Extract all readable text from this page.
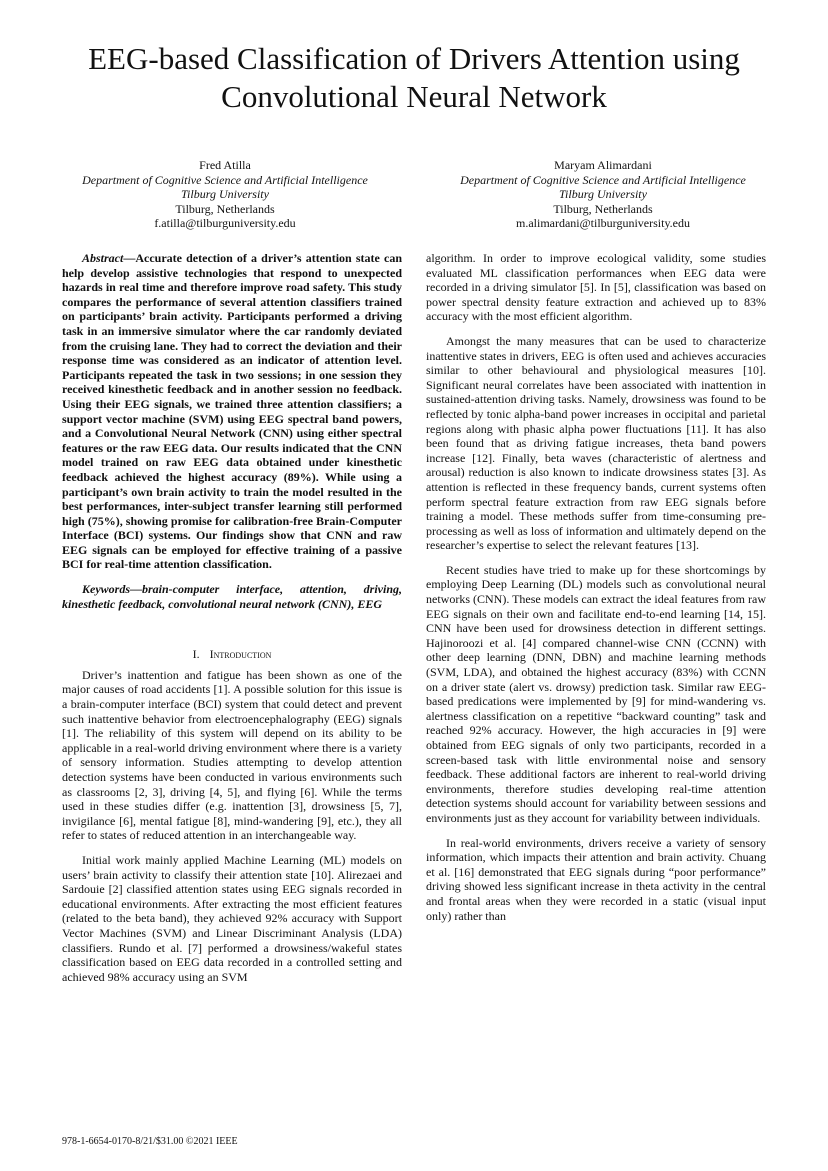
EEG-based Classification of Drivers Attention using Convolutional Neural Network
Fred Atilla
Department of Cognitive Science and Artificial Intelligence
Tilburg University
Tilburg, Netherlands
f.atilla@tilburguniversity.edu
Maryam Alimardani
Department of Cognitive Science and Artificial Intelligence
Tilburg University
Tilburg, Netherlands
m.alimardani@tilburguniversity.edu

Abstract—Accurate detection of a driver’s attention state can help develop assistive technologies that respond to unexpected hazards in real time and therefore improve road safety. This study compares the performance of several attention classifiers trained on participants’ brain activity. Participants performed a driving task in an immersive simulator where the car randomly deviated from the cruising lane. They had to correct the deviation and their response time was considered as an indicator of attention level. Participants repeated the task in two sessions; in one session they received kinesthetic feedback and in another session no feedback. Using their EEG signals, we trained three attention classifiers; a support vector machine (SVM) using EEG spectral band powers, and a Convolutional Neural Network (CNN) using either spectral features or the raw EEG data. Our results indicated that the CNN model trained on raw EEG data obtained under kinesthetic feedback achieved the highest accuracy (89%). While using a participant’s own brain activity to train the model resulted in the best performances, inter-subject transfer learning still performed high (75%), showing promise for calibration-free Brain-Computer Interface (BCI) systems. Our findings show that CNN and raw EEG signals can be employed for effective training of a passive BCI for real-time attention classification.

Keywords—brain-computer interface, attention, driving, kinesthetic feedback, convolutional neural network (CNN), EEG

I. Introduction

Driver’s inattention and fatigue has been shown as one of the major causes of road accidents [1]. A possible solution for this issue is a brain-computer interface (BCI) system that could detect and prevent such inattentive behavior from electroencephalography (EEG) signals [1]. The reliability of this system will depend on its ability to be applicable in a real-world driving environment where there is a variety of sensory information. Studies attempting to develop attention detection systems have been conducted in various environments such as classrooms [2, 3], driving [4, 5], and flying [6]. While the terms used in these studies differ (e.g. inattention [3], drowsiness [5, 7], invigilance [6], mental fatigue [8], mind-wandering [9], etc.), they all refer to states of reduced attention in an interchangeable way.

Initial work mainly applied Machine Learning (ML) models on users’ brain activity to classify their attention state [10]. Alirezaei and Sardouie [2] classified attention states using EEG signals recorded in educational environments. After extracting the most efficient features (related to the beta band), they achieved 92% accuracy with Support Vector Machines (SVM) and Linear Discriminant Analysis (LDA) classifiers. Rundo et al. [7] performed a drowsiness/wakeful states classification based on EEG data recorded in a controlled setting and achieved 98% accuracy using an SVM

algorithm. In order to improve ecological validity, some studies evaluated ML classification performances when EEG data were recorded in a driving simulator [5]. In [5], classification was based on power spectral density feature extraction and achieved up to 83% accuracy with the most efficient algorithm.

Amongst the many measures that can be used to characterize inattentive states in drivers, EEG is often used and achieves accuracies similar to other behavioural and physiological measures [10]. Significant neural correlates have been associated with inattention in sustained-attention driving tasks. Namely, drowsiness was found to be reflected by tonic alpha-band power increases in occipital and parietal regions along with phasic alpha power fluctuations [11]. It has also been found that as driving fatigue increases, theta band powers increase [12]. Finally, beta waves (characteristic of alertness and arousal) reduction is also known to indicate drowsiness states [3]. As attention is reflected in these frequency bands, current systems often perform spectral feature extraction from raw EEG signals before training a model. These methods suffer from time-consuming pre-processing as well as loss of information and ultimately depend on the researcher’s expertise to select the relevant features [13].

Recent studies have tried to make up for these shortcomings by employing Deep Learning (DL) models such as convolutional neural networks (CNN). These models can extract the ideal features from raw EEG signals on their own and facilitate end-to-end learning [14, 15]. CNN have been used for drowsiness detection in different settings. Hajinoroozi et al. [4] compared channel-wise CNN (CCNN) with other deep learning (DNN, DBN) and machine learning methods (SVM, LDA), and obtained the highest accuracy (83%) with CCNN on a driver state (alert vs. drowsy) prediction task. Similar raw EEG-based predications were implemented by [9] for mind-wandering vs. alertness classification on a repetitive “backward counting” task and reached 92% accuracy. However, the high accuracies in [9] were obtained from EEG signals of only two participants, recorded in a screen-based task with little environmental noise and sensory feedback. These additional factors are inherent to real-world driving environments, therefore studies developing real-time attention detection systems should account for variability between sessions and environments just as they account for variability between individuals.

In real-world environments, drivers receive a variety of sensory information, which impacts their attention and brain activity. Chuang et al. [16] demonstrated that EEG signals during “poor performance” driving showed less significant increase in theta activity in the central and frontal areas when they were recorded in a static (visual input only) rather than

978-1-6654-0170-8/21/$31.00 ©2021 IEEE
